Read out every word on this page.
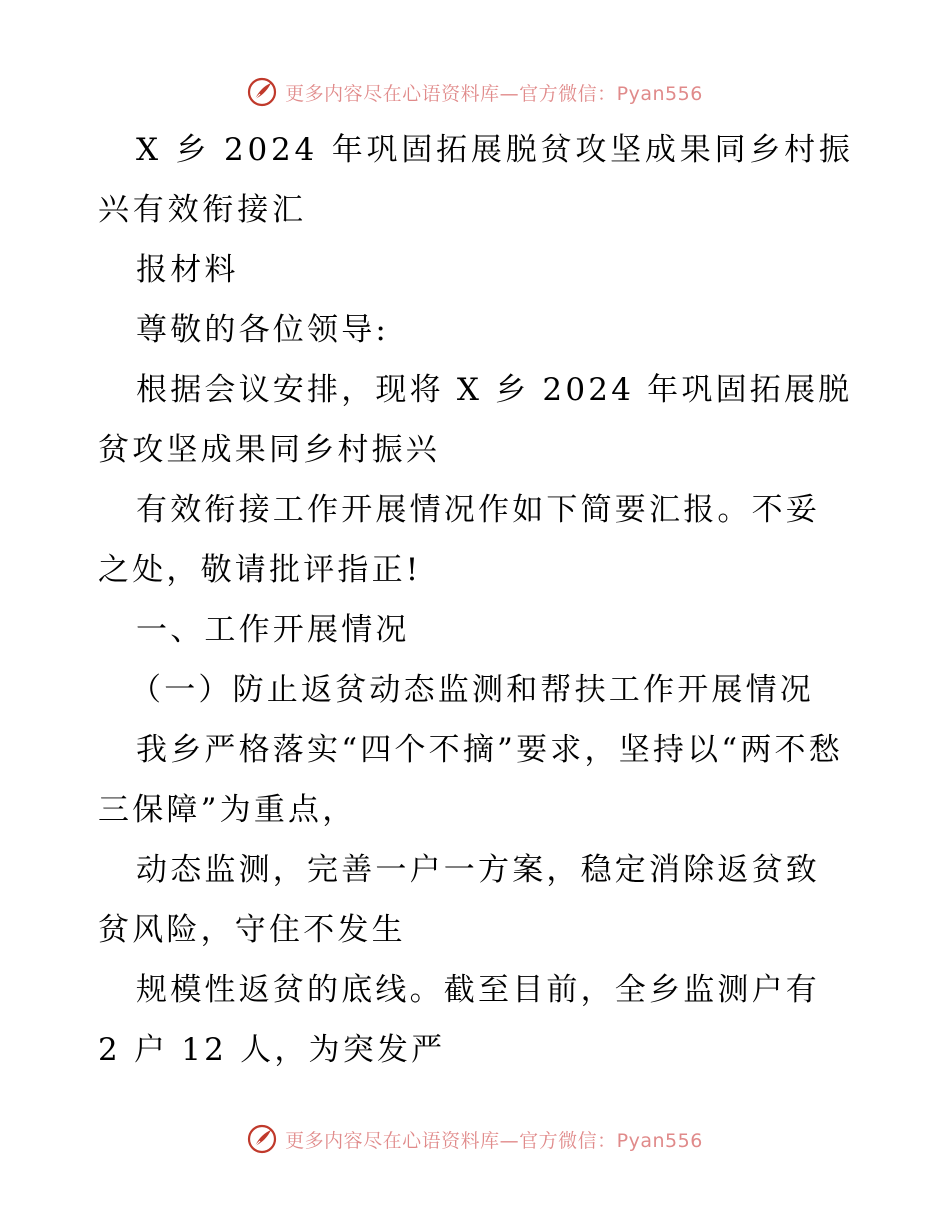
更多内容尽在心语资料库—官方微信：Pyan556

X 乡 2024 年巩固拓展脱贫攻坚成果同乡村振兴有效衔接汇

报材料

尊敬的各位领导:

根据会议安排，现将 X 乡 2024 年巩固拓展脱贫攻坚成果同乡村振兴

有效衔接工作开展情况作如下简要汇报。不妥之处，敬请批评指正!

一、工作开展情况

（一）防止返贫动态监测和帮扶工作开展情况

我乡严格落实“四个不摘”要求，坚持以“两不愁三保障”为重点，

动态监测，完善一户一方案，稳定消除返贫致贫风险，守住不发生

规模性返贫的底线。截至目前，全乡监测户有 2 户 12 人，为突发严

更多内容尽在心语资料库—官方微信：Pyan556
